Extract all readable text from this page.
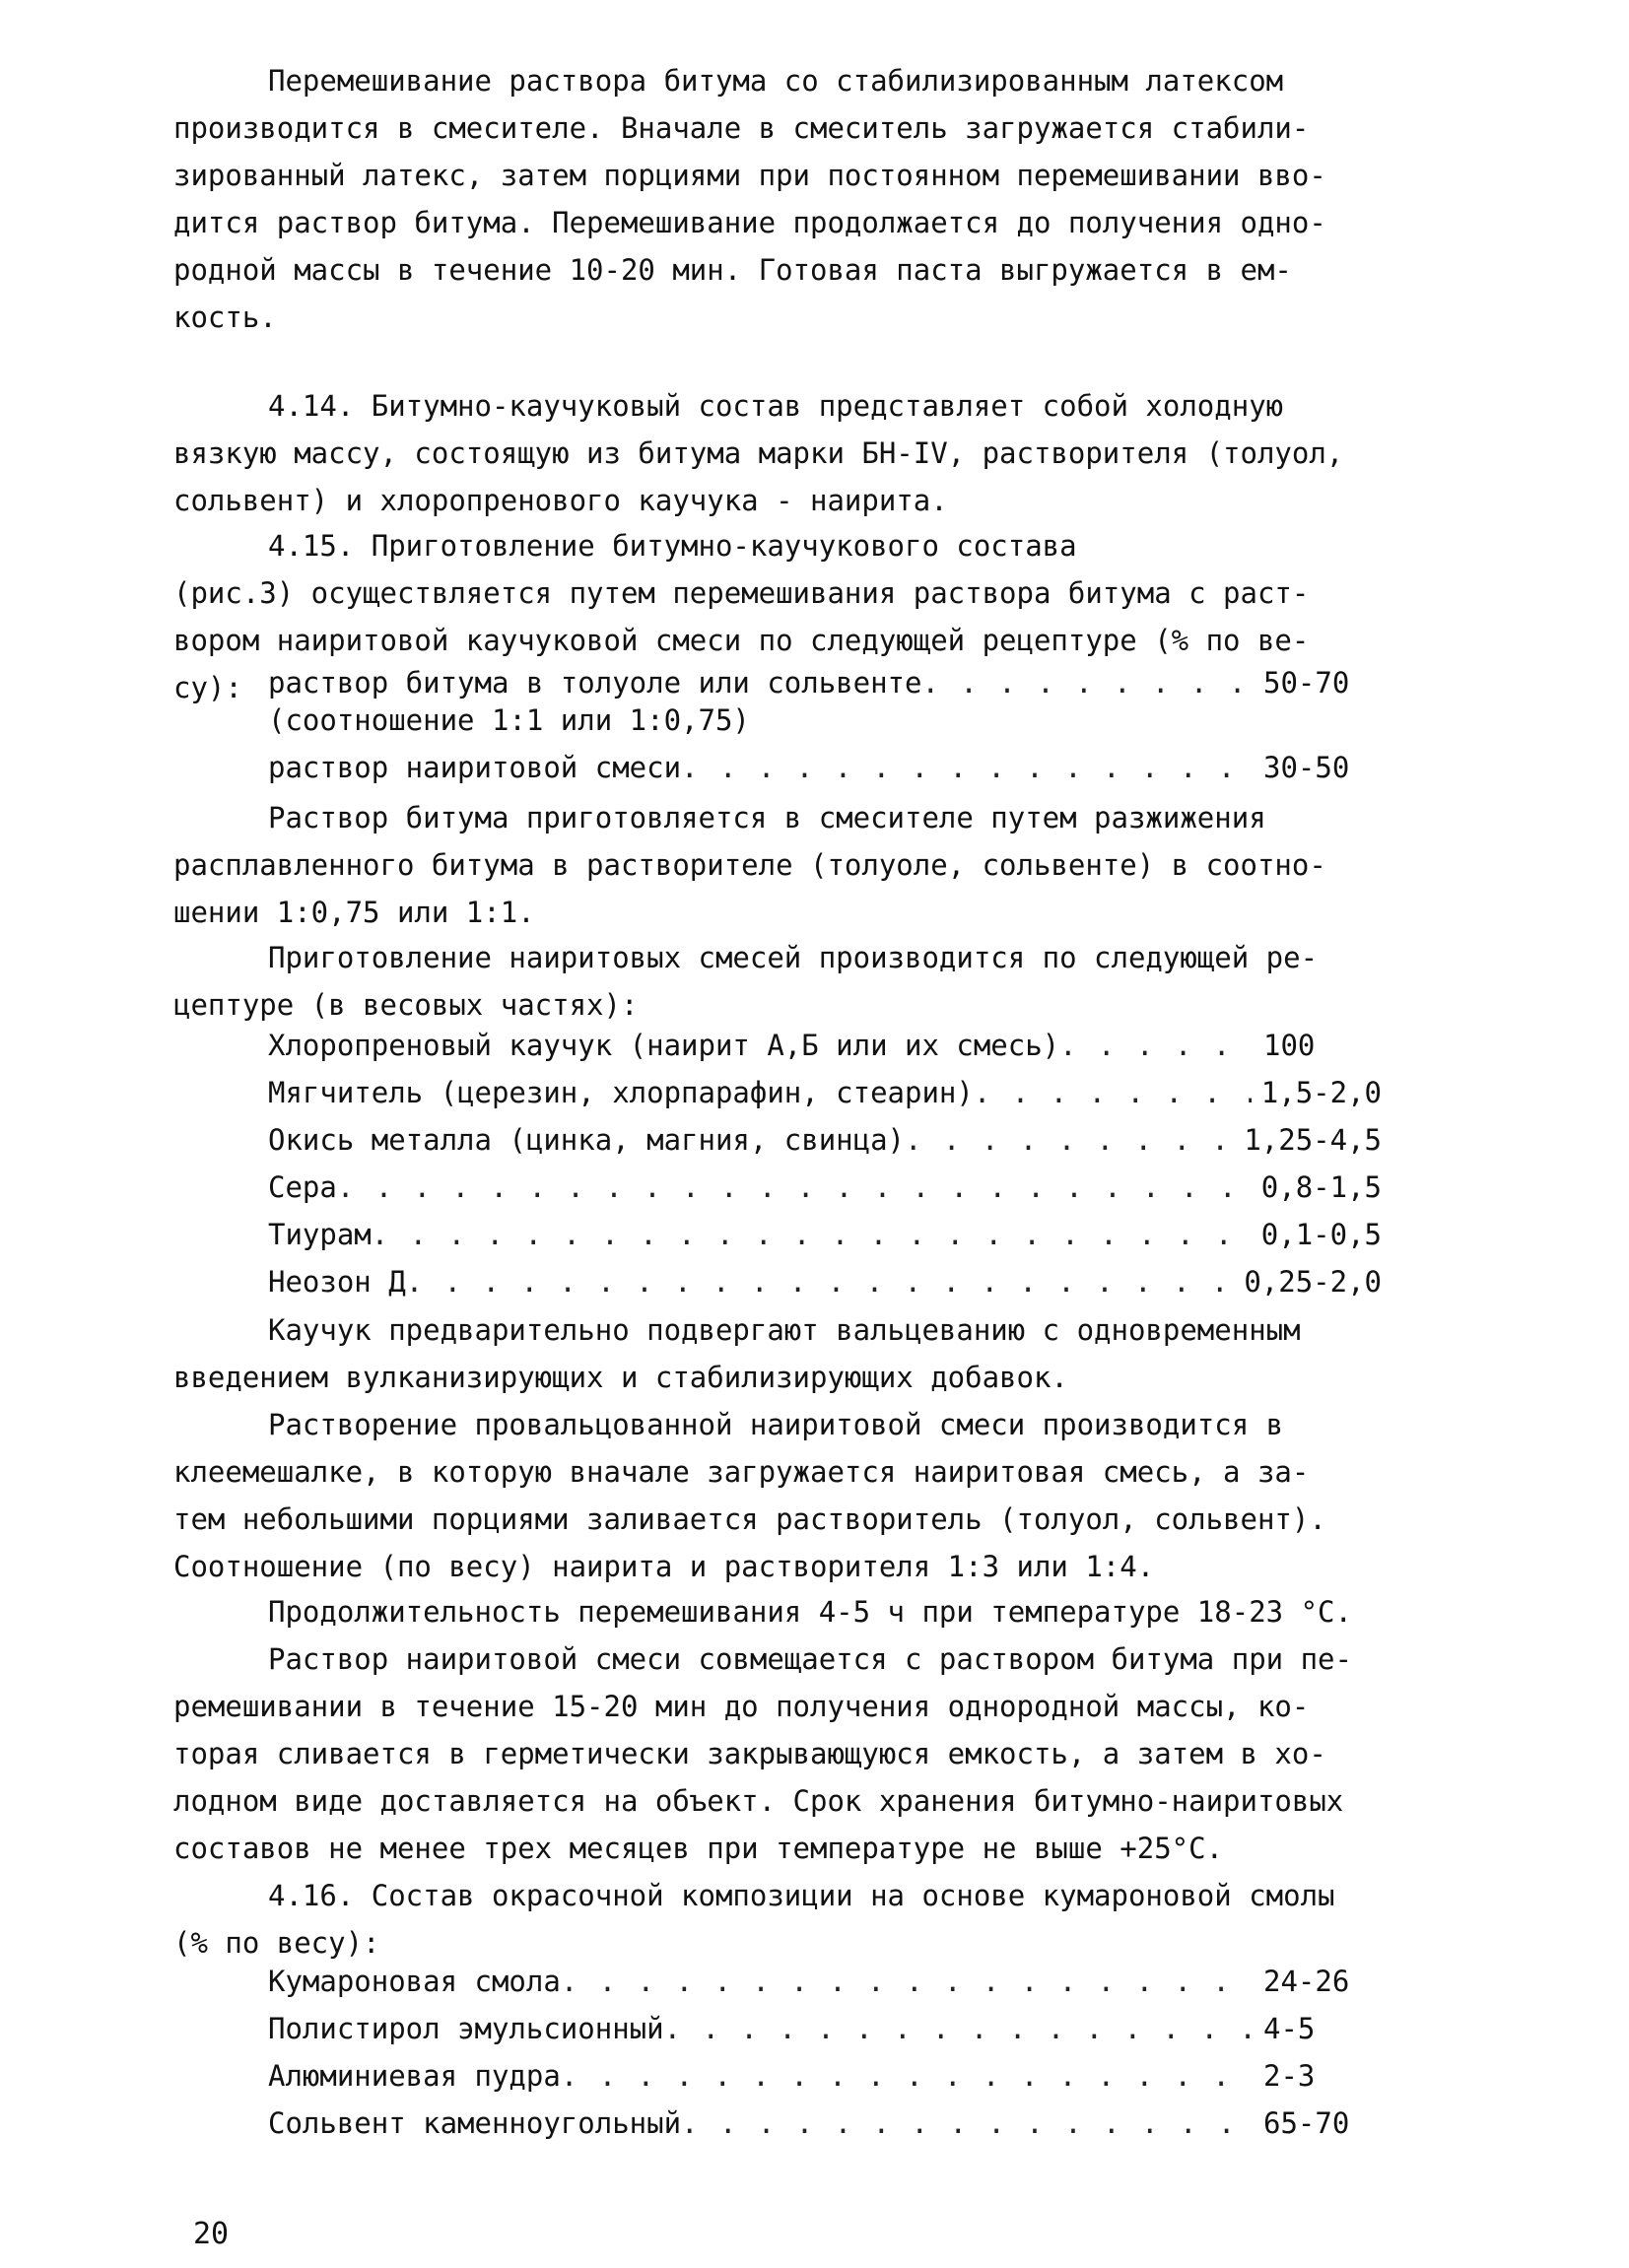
Перемешивание раствора битума со стабилизированным латексом
производится в смесителе. Вначале в смеситель загружается стабили-
зированный латекс, затем порциями при постоянном перемешивании вво-
дится раствор битума. Перемешивание продолжается до получения одно-
родной массы в течение 10-20 мин. Готовая паста выгружается в ем-
кость.
4.14. Битумно-каучуковый состав представляет собой холодную
вязкую массу, состоящую из битума марки БН-IV, растворителя (толуол,
сольвент) и хлоропренового каучука - наирита.
4.15. Приготовление битумно-каучукового состава
(рис.3) осуществляется путем перемешивания раствора битума с раст-
вором наиритовой каучуковой смеси по следующей рецептуре (% по ве-
су): раствор битума в толуоле или сольвенте . . .	50-70
(соотношение 1:1 или 1:0,75)
раствор наиритовой смеси . . .	30-50
Раствор битума приготовляется в смесителе путем разжижения
расплавленного битума в растворителе (толуоле, сольвенте) в соотно-
шении 1:0,75 или 1:1.
Приготовление наиритовых смесей производится по следующей ре-
цептуре (в весовых частях):
Хлоропреновый каучук (наирит А,Б или их смесь) . . .	100
Мягчитель (церезин, хлорпарафин, стеарин) . . .	1,5-2,0
Окись металла (цинка, магния, свинца) . . .	1,25-4,5
Сера . . .	0,8-1,5
Тиурам . . .	0,1-0,5
Неозон Д . . .	0,25-2,0
Каучук предварительно подвергают вальцеванию с одновременным
введением вулканизирующих и стабилизирующих добавок.
Растворение провальцованной наиритовой смеси производится в
клеемешалке, в которую вначале загружается наиритовая смесь, а за-
тем небольшими порциями заливается растворитель (толуол, сольвент).
Соотношение (по весу) наирита и растворителя 1:3 или 1:4.
Продолжительность перемешивания 4-5 ч при температуре 18-23 °С.
Раствор наиритовой смеси совмещается с раствором битума при пе-
ремешивании в течение 15-20 мин до получения однородной массы, ко-
торая сливается в герметически закрывающуюся емкость, а затем в хо-
лодном виде доставляется на объект. Срок хранения битумно-наиритовых
составов не менее трех месяцев при температуре не выше +25°С.
4.16. Состав окрасочной композиции на основе кумароновой смолы
(% по весу):
Кумароновая смола . . .	24-26
Полистирол эмульсионный . . .	4-5
Алюминиевая пудра . . .	2-3
Сольвент каменноугольный . . .	65-70
20
